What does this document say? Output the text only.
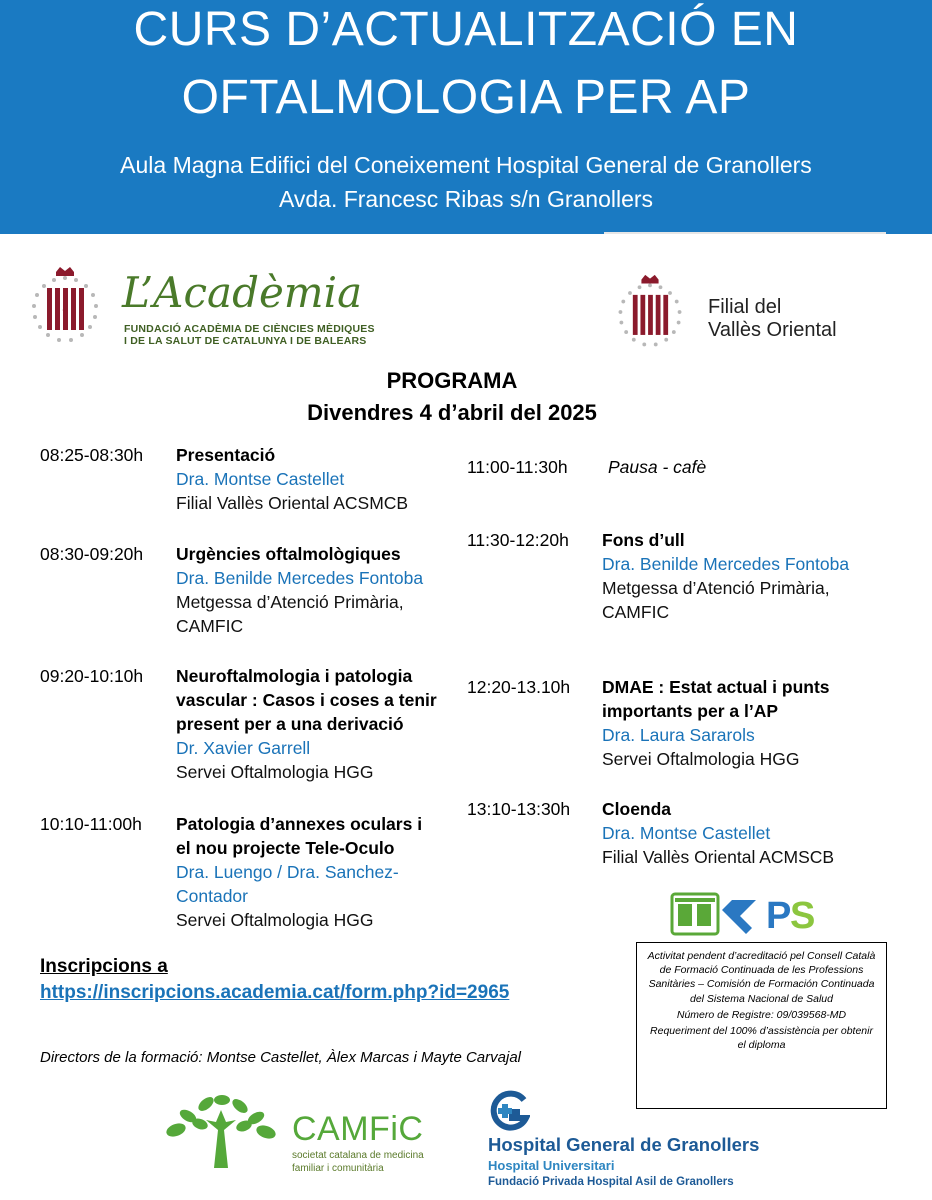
CURS D’ACTUALITZACIÓ EN
OFTALMOLOGIA PER AP
Aula Magna Edifici del Coneixement Hospital General de Granollers
Avda. Francesc Ribas s/n Granollers
L’Acadèmia
FUNDACIÓ ACADÈMIA DE CIÈNCIES MÈDIQUES
I DE LA SALUT DE CATALUNYA I DE BALEARS
Filial del
Vallès Oriental
PROGRAMA
Divendres 4 d’abril del 2025
08:25-08:30h Presentació
Dra. Montse Castellet
Filial Vallès Oriental ACSMCB
08:30-09:20h Urgències oftalmològiques
Dra. Benilde Mercedes Fontoba
Metgessa d’Atenció Primària,
CAMFIC
09:20-10:10h Neuroftalmologia i patologia
vascular : Casos i coses a tenir
present per a una derivació
Dr. Xavier Garrell
Servei Oftalmologia HGG
10:10-11:00h Patologia d’annexes oculars i
el nou projecte Tele-Oculo
Dra. Luengo / Dra. Sanchez-
Contador
Servei Oftalmologia HGG
11:00-11:30h Pausa - cafè
11:30-12:20h Fons d’ull
Dra. Benilde Mercedes Fontoba
Metgessa d’Atenció Primària,
CAMFIC
12:20-13.10h DMAE : Estat actual i punts
importants per a l’AP
Dra. Laura Sararols
Servei Oftalmologia HGG
13:10-13:30h Cloenda
Dra. Montse Castellet
Filial Vallès Oriental ACMSCB
P
S

Activitat pendent d’acreditació pel Consell Català de Formació Continuada de les Professions Sanitàries – Comisión de Formación Continuada del Sistema Nacional de Salud

Número de Registre: 09/039568-MD

Requeriment del 100% d’assistència per obtenir el diploma

Inscripcions a
https://inscripcions.academia.cat/form.php?id=2965
Directors de la formació: Montse Castellet, Àlex Marcas i Mayte Carvajal
CAMFiC
societat catalana de medicina
familiar i comunitària
Hospital General de Granollers
Hospital Universitari
Fundació Privada Hospital Asil de Granollers
